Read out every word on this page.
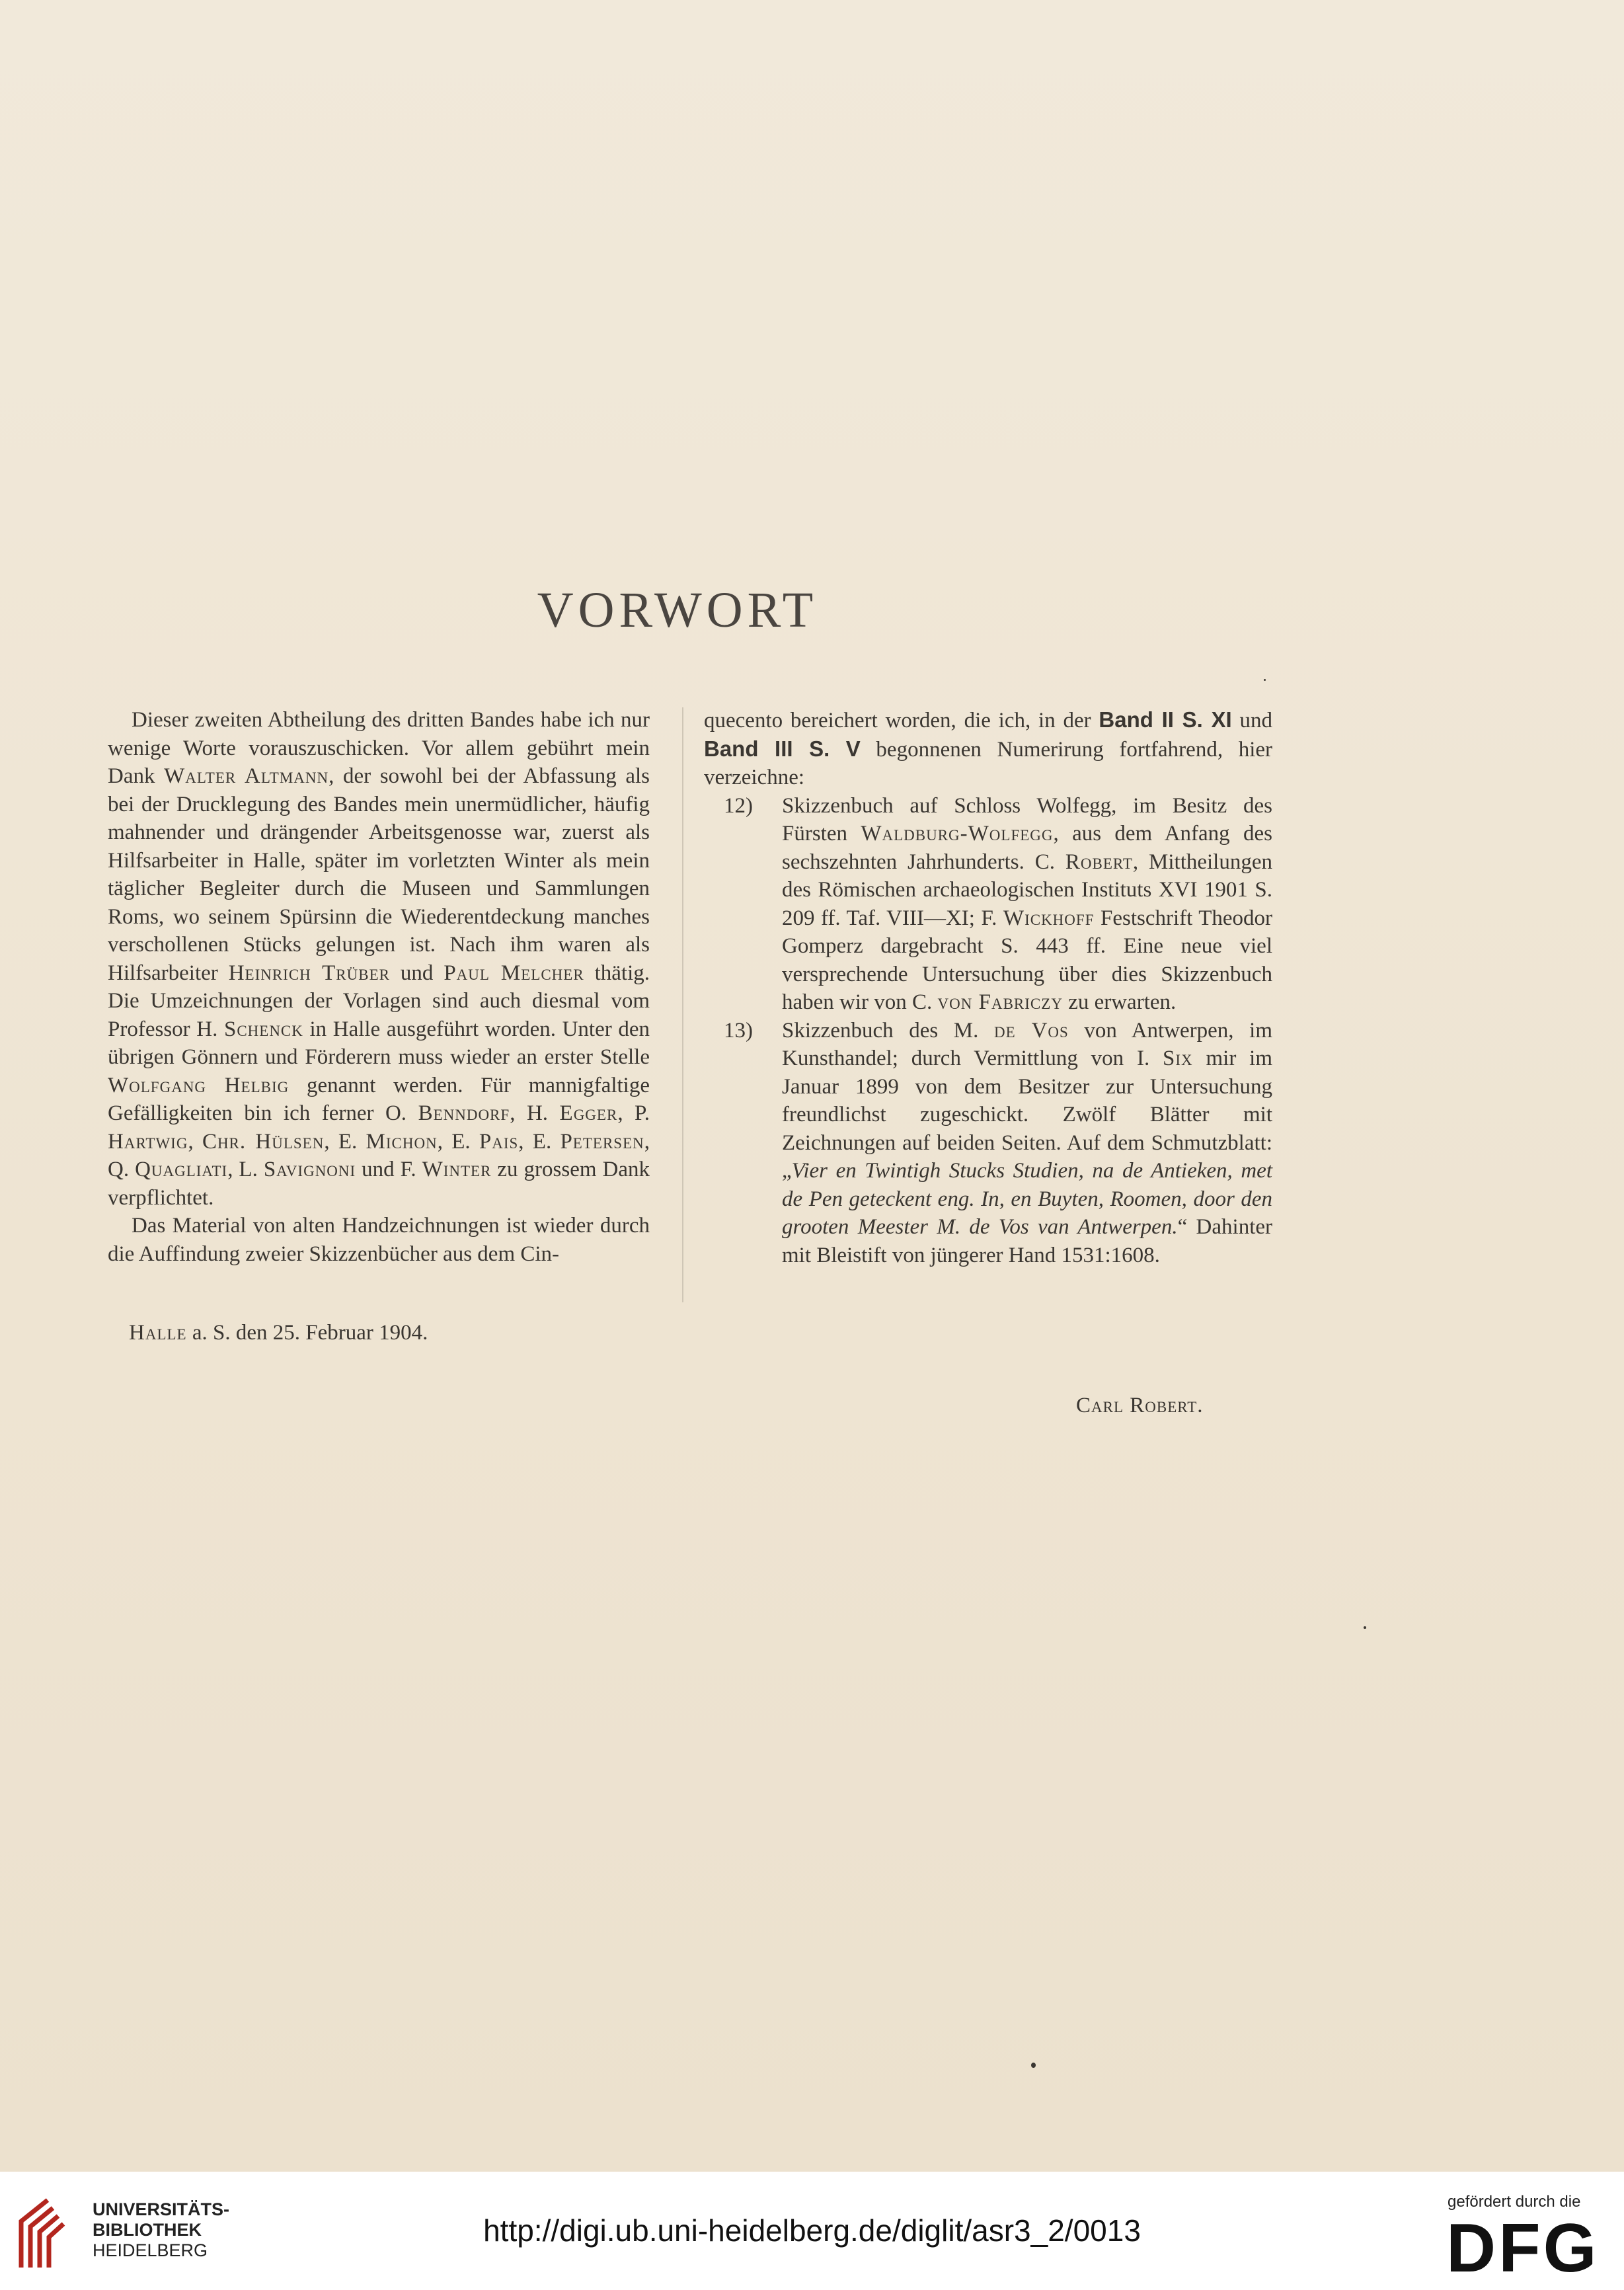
VORWORT

Dieser zweiten Abtheilung des dritten Bandes habe ich nur wenige Worte vorauszuschicken. Vor allem gebührt mein Dank Walter Altmann, der sowohl bei der Abfassung als bei der Drucklegung des Bandes mein unermüdlicher, häufig mahnender und drängender Arbeitsgenosse war, zuerst als Hilfsarbeiter in Halle, später im vorletzten Winter als mein täglicher Begleiter durch die Museen und Sammlungen Roms, wo seinem Spürsinn die Wiederentdeckung manches verschollenen Stücks gelungen ist. Nach ihm waren als Hilfsarbeiter Heinrich Trüber und Paul Melcher thätig. Die Umzeichnungen der Vorlagen sind auch diesmal vom Professor H. Schenck in Halle ausgeführt worden. Unter den übrigen Gönnern und Förderern muss wieder an erster Stelle Wolfgang Helbig genannt werden. Für mannigfaltige Gefälligkeiten bin ich ferner O. Benndorf, H. Egger, P. Hartwig, Chr. Hülsen, E. Michon, E. Pais, E. Petersen, Q. Quagliati, L. Savignoni und F. Winter zu grossem Dank verpflichtet.

Das Material von alten Handzeichnungen ist wieder durch die Auffindung zweier Skizzenbücher aus dem Cin-

quecento bereichert worden, die ich, in der Band II S. XI und Band III S. V begonnenen Numerirung fortfahrend, hier verzeichne:

12) Skizzenbuch auf Schloss Wolfegg, im Besitz des Fürsten Waldburg-Wolfegg, aus dem Anfang des sechszehnten Jahrhunderts. C. Robert, Mittheilungen des Römischen archaeologischen Instituts XVI 1901 S. 209 ff. Taf. VIII—XI; F. Wickhoff Festschrift Theodor Gomperz dargebracht S. 443 ff. Eine neue viel versprechende Untersuchung über dies Skizzenbuch haben wir von C. von Fabriczy zu erwarten.
13) Skizzenbuch des M. de Vos von Antwerpen, im Kunsthandel; durch Vermittlung von I. Six mir im Januar 1899 von dem Besitzer zur Untersuchung freundlichst zugeschickt. Zwölf Blätter mit Zeichnungen auf beiden Seiten. Auf dem Schmutzblatt: „Vier en Twintigh Stucks Studien, na de Antieken, met de Pen geteckent eng. In, en Buyten, Roomen, door den grooten Meester M. de Vos van Antwerpen.“ Dahinter mit Bleistift von jüngerer Hand 1531:1608.
Halle a. S. den 25. Februar 1904.
Carl Robert.
UNIVERSITÄTS-
BIBLIOTHEK
HEIDELBERG
http://digi.ub.uni-heidelberg.de/diglit/asr3_2/0013
gefördert durch die
DFG
